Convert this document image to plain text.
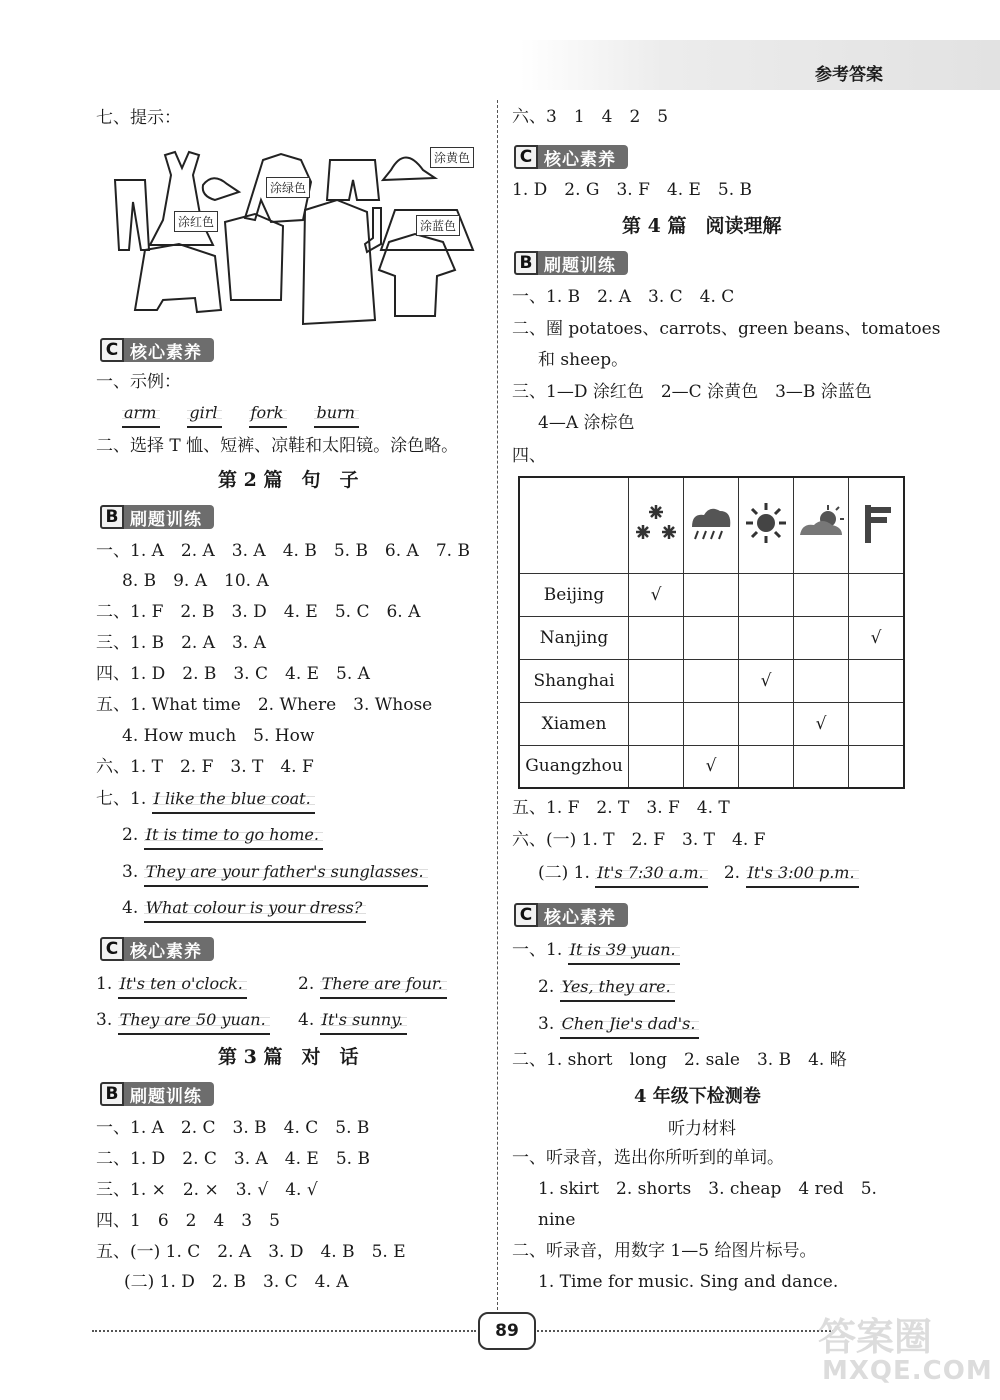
参考答案
七、提示：
涂黄色
涂绿色
涂红色	涂蓝色
C 核心素养
一、示例：
arm girl fork burn
二、选择 T 恤、短裤、凉鞋和太阳镜。涂色略。
第 2 篇　句　子
B 刷题训练
一、1. A　2. A　3. A　4. B　5. B　6. A　7. B
8. B　9. A　10. A
二、1. F　2. B　3. D　4. E　5. C　6. A
三、1. B　2. A　3. A
四、1. D　2. B　3. C　4. E　5. A
五、1. What time　2. Where　3. Whose
4. How much　5. How
六、1. T　2. F　3. T　4. F
七、1. I like the blue coat.
2. It is time to go home.
3. They are your father's sunglasses.
4. What colour is your dress?
C 核心素养
1. It's ten o'clock.	2. There are four.
3. They are 50 yuan. 4. It's sunny.
第 3 篇　对　话
B 刷题训练
一、1. A　2. C　3. B　4. C　5. B
二、1. D　2. C　3. A　4. E　5. B
三、1. ×　2. ×　3. √　4. √
四、1　6　2　4　3　5
五、(一) 1. C　2. A　3. D　4. B　5. E
(二) 1. D　2. B　3. C　4. A
六、3　1　4　2　5
C 核心素养
1. D　2. G　3. F　4. E　5. B
第 4 篇　阅读理解
B 刷题训练
一、1. B　2. A　3. C　4. C
二、圈 potatoes、carrots、green beans、tomatoes
和 sheep。
三、1—D 涂红色　2—C 涂黄色　3—B 涂蓝色
4—A 涂棕色
四、

Beijing	√				
Nanjing					√
Shanghai			√		
Xiamen				√	
Guangzhou		√			
五、1. F　2. T　3. F　4. T
六、(一) 1. T　2. F　3. T　4. F
(二) 1. It's 7:30 a.m. 2. It's 3:00 p.m.
C 核心素养
一、1. It is 39 yuan.
2. Yes, they are.
3. Chen Jie's dad's.
二、1. short　long　2. sale　3. B　4. 略
4 年级下检测卷
听力材料
一、听录音，选出你所听到的单词。
1. skirt　2. shorts　3. cheap　4 red　5.
nine
二、听录音，用数字 1—5 给图片标号。
1. Time for music. Sing and dance.
89	答案圈
MXQE.COM
